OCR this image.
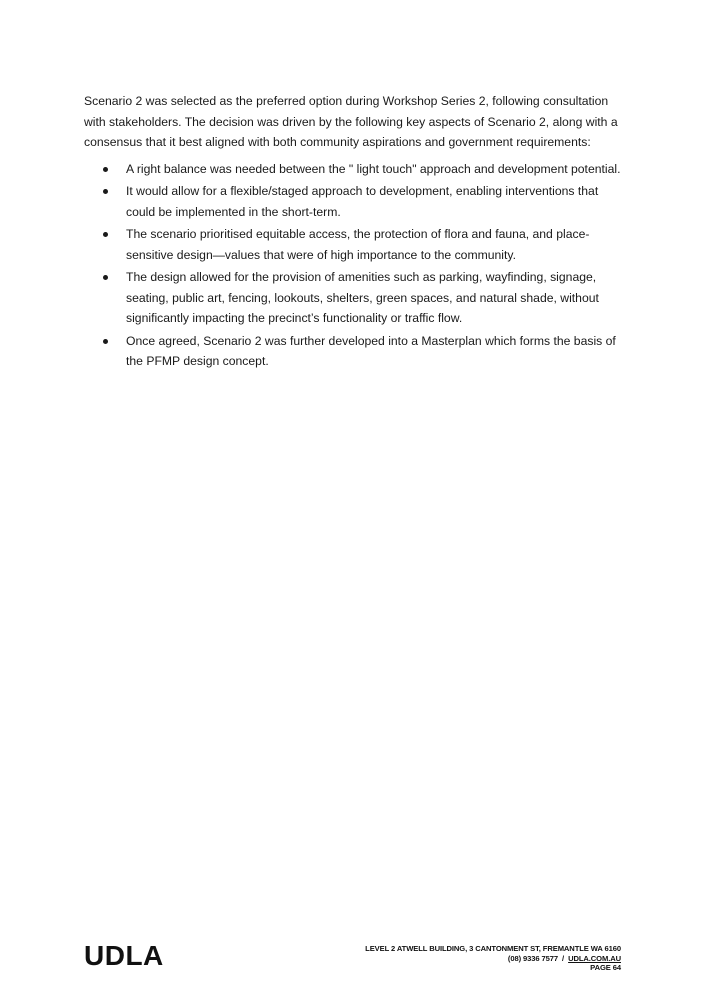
Scenario 2 was selected as the preferred option during Workshop Series 2, following consultation with stakeholders. The decision was driven by the following key aspects of Scenario 2, along with a consensus that it best aligned with both community aspirations and government requirements:

A right balance was needed between the " light touch" approach and development potential.
It would allow for a flexible/staged approach to development, enabling interventions that could be implemented in the short-term.
The scenario prioritised equitable access, the protection of flora and fauna, and place-sensitive design—values that were of high importance to the community.
The design allowed for the provision of amenities such as parking, wayfinding, signage, seating, public art, fencing, lookouts, shelters, green spaces, and natural shade, without significantly impacting the precinct’s functionality or traffic flow.
Once agreed, Scenario 2 was further developed into a Masterplan which forms the basis of the PFMP design concept.
UDLA	LEVEL 2 ATWELL BUILDING, 3 CANTONMENT ST, FREMANTLE WA 6160
(08) 9336 7577 / UDLA.COM.AU
PAGE 64
